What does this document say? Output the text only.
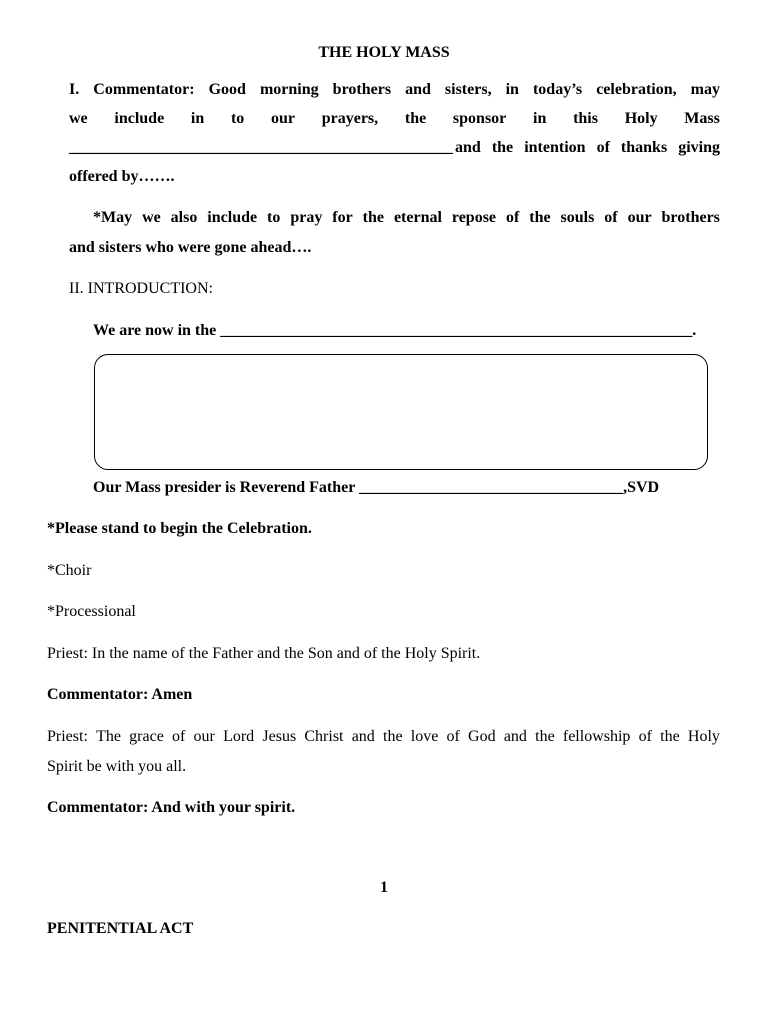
THE HOLY MASS
I. Commentator: Good morning brothers and sisters, in today’s celebration, may
we include in to our prayers, the sponsor in this Holy Mass
________________________________________________ and the intention of thanks giving
offered by…….
*May we also include to pray for the eternal repose of the souls of our brothers
and sisters who were gone ahead….
II. INTRODUCTION:
We are now in the ___________________________________________________________.
Our Mass presider is Reverend Father _________________________________,SVD
*Please stand to begin the Celebration.
*Choir
*Processional
Priest: In the name of the Father and the Son and of the Holy Spirit.
Commentator: Amen
Priest: The grace of our Lord Jesus Christ and the love of God and the fellowship of the Holy
Spirit be with you all.
Commentator: And with your spirit.
1
PENITENTIAL ACT
